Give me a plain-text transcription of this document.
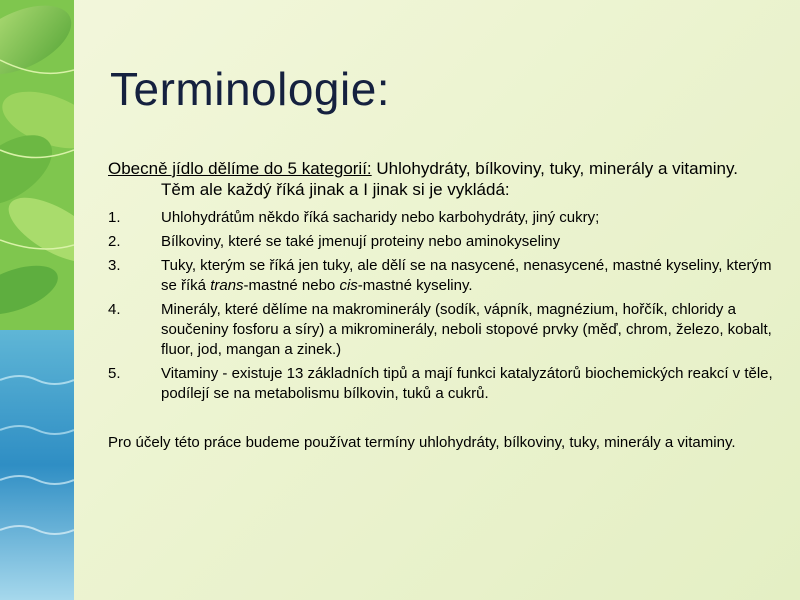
Terminologie:

Obecně jídlo dělíme do 5 kategorií: Uhlohydráty, bílkoviny, tuky, minerály a vitaminy. Těm ale každý říká jinak a I jinak si je vykládá:

1.	Uhlohydrátům někdo říká sacharidy nebo karbohydráty, jiný cukry;
2.	Bílkoviny, které se také jmenují proteiny nebo aminokyseliny
3.	Tuky, kterým se říká jen tuky, ale dělí se na nasycené, nenasycené, mastné kyseliny, kterým se říká trans-mastné nebo cis-mastné kyseliny.
4.	Minerály, které dělíme na makrominerály (sodík, vápník, magnézium, hořčík, chloridy a součeniny fosforu a síry) a mikrominerály, neboli stopové prvky (měď, chrom, železo, kobalt, fluor, jod, mangan a zinek.)
5.	Vitaminy - existuje 13 základních tipů a mají funkci katalyzátorů biochemických reakcí v těle, podílejí se na metabolismu bílkovin, tuků a cukrů.

Pro účely této práce budeme používat termíny uhlohydráty, bílkoviny, tuky, minerály a vitaminy.
